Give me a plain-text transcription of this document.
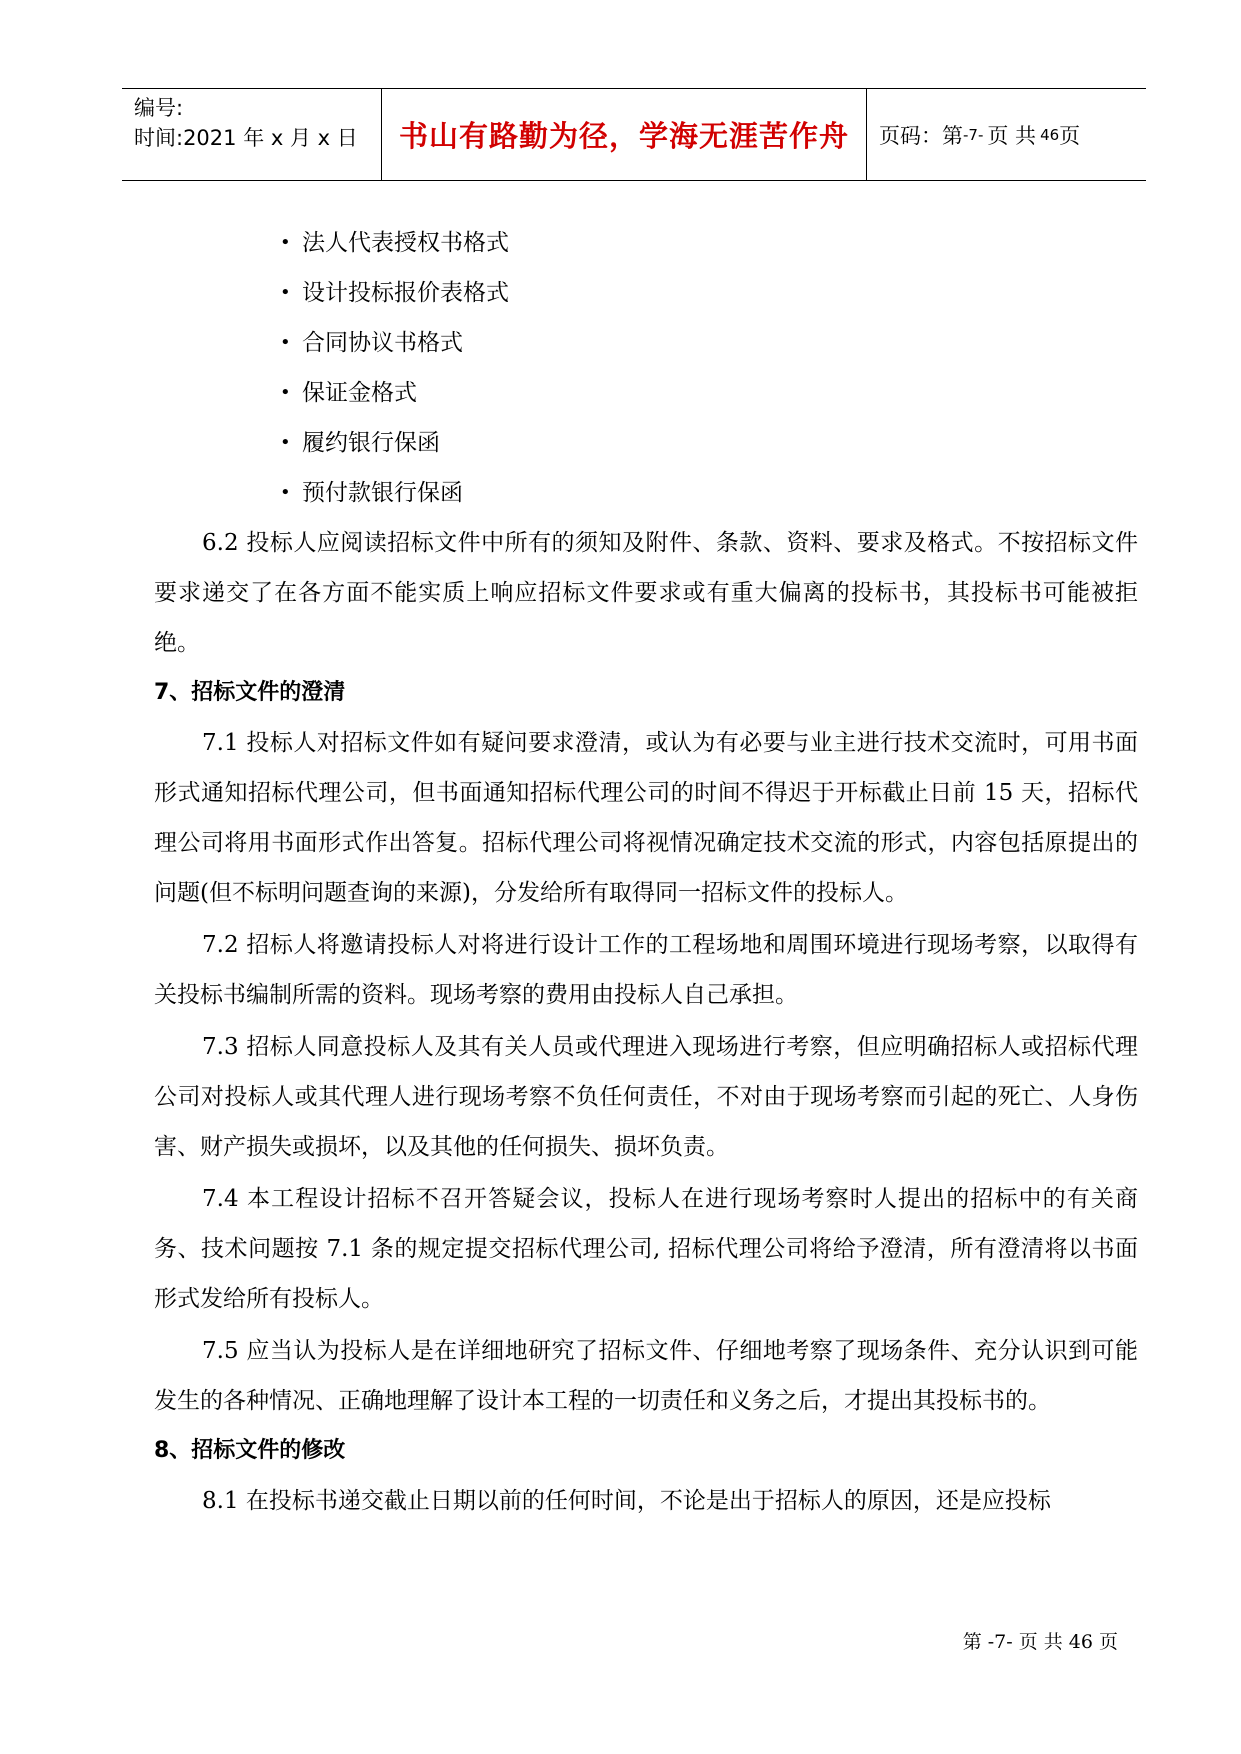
编号:
时间:2021 年 x 月 x 日	书山有路勤为径，学海无涯苦作舟	页码：第 -7- 页 共 46 页
• 法人代表授权书格式
• 设计投标报价表格式
• 合同协议书格式
• 保证金格式
• 履约银行保函
• 预付款银行保函

6.2 投标人应阅读招标文件中所有的须知及附件、条款、资料、要求及格式。不按招标文件要求递交了在各方面不能实质上响应招标文件要求或有重大偏离的投标书，其投标书可能被拒绝。

7、招标文件的澄清

7.1 投标人对招标文件如有疑问要求澄清，或认为有必要与业主进行技术交流时，可用书面形式通知招标代理公司，但书面通知招标代理公司的时间不得迟于开标截止日前 15 天，招标代理公司将用书面形式作出答复。招标代理公司将视情况确定技术交流的形式，内容包括原提出的问题(但不标明问题查询的来源)，分发给所有取得同一招标文件的投标人。

7.2 招标人将邀请投标人对将进行设计工作的工程场地和周围环境进行现场考察，以取得有关投标书编制所需的资料。现场考察的费用由投标人自己承担。

7.3 招标人同意投标人及其有关人员或代理进入现场进行考察，但应明确招标人或招标代理公司对投标人或其代理人进行现场考察不负任何责任，不对由于现场考察而引起的死亡、人身伤害、财产损失或损坏，以及其他的任何损失、损坏负责。

7.4 本工程设计招标不召开答疑会议，投标人在进行现场考察时人提出的招标中的有关商务、技术问题按 7.1 条的规定提交招标代理公司, 招标代理公司将给予澄清，所有澄清将以书面形式发给所有投标人。

7.5 应当认为投标人是在详细地研究了招标文件、仔细地考察了现场条件、充分认识到可能发生的各种情况、正确地理解了设计本工程的一切责任和义务之后，才提出其投标书的。

8、招标文件的修改

8.1 在投标书递交截止日期以前的任何时间，不论是出于招标人的原因，还是应投标

第 -7- 页 共 46 页
